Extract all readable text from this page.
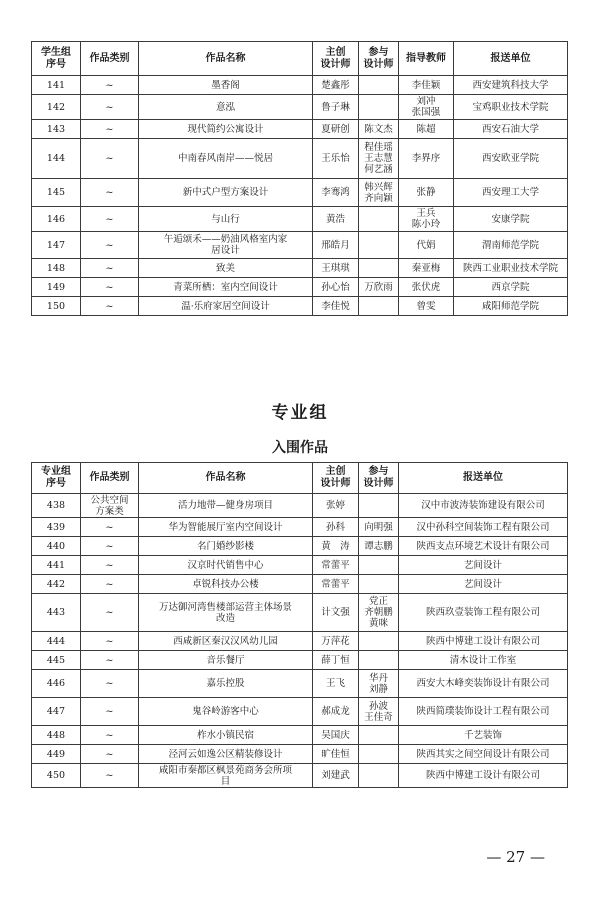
学生组
序号	作品类别	作品名称	主创
设计师	参与
设计师	指导教师	报送单位

141	~	墨香阁	楚鑫彤		李佳颖	西安建筑科技大学

142	~	意泓	鲁子琳		刘冲
张国强	宝鸡职业技术学院

143	~	现代简约公寓设计	夏研创	陈文杰	陈超	西安石油大学

144	~	中南春风南岸——悦居	王乐怡	程佳瑶
王志慧
何艺涵	李界序	西安欧亚学院

145	~	新中式户型方案设计	李骞鸿	韩兴辉
齐向颖	张静	西安理工大学

146	~	与山行	黄浩		王兵
陈小玲	安康学院

147	~	午逅颂禾——奶油风格室内家
居设计	邢皓月		代娟	渭南师范学院

148	~	致美	王琪琪		秦亚梅	陕西工业职业技术学院

149	~	青菜所栖：室内空间设计	孙心怡	万欣雨	张伏虎	西京学院

150	~	温·乐府家居空间设计	李佳悦		曾雯	咸阳师范学院
专业组
入围作品
专业组
序号	作品类别	作品名称	主创
设计师	参与
设计师	报送单位

438	公共空间
方案类	活力地带—健身房项目	张婷		汉中市波涛装饰建设有限公司

439	~	华为智能展厅室内空间设计	孙科	向明强	汉中孙科空间装饰工程有限公司

440	~	名门婚纱影楼	黄　涛	谭志鹏	陕西支点环境艺术设计有限公司

441	~	汉京时代销售中心	常蕾平		艺间设计

442	~	卓锐科技办公楼	常蕾平		艺间设计

443	~	万达御河湾售楼部运营主体场景
改造	计文强	党正
齐朝鹏
黄咪	陕西玖壹装饰工程有限公司

444	~	西咸新区秦汉汉风幼儿园	万萍花		陕西中博建工设计有限公司

445	~	音乐餐厅	薛丁恒		清木设计工作室

446	~	嘉乐控股	王飞	华丹
刘静	西安大木峰奕装饰设计有限公司

447	~	鬼谷岭游客中心	郝成龙	孙波
王佳奇	陕西简璞装饰设计工程有限公司

448	~	柞水小镇民宿	吴国庆		千艺装饰

449	~	泾河云如逸公区精装修设计	旷佳恒		陕西其实之间空间设计有限公司

450	~	咸阳市秦都区枫景苑商务会所项
目	刘建武		陕西中博建工设计有限公司
— 27 —
